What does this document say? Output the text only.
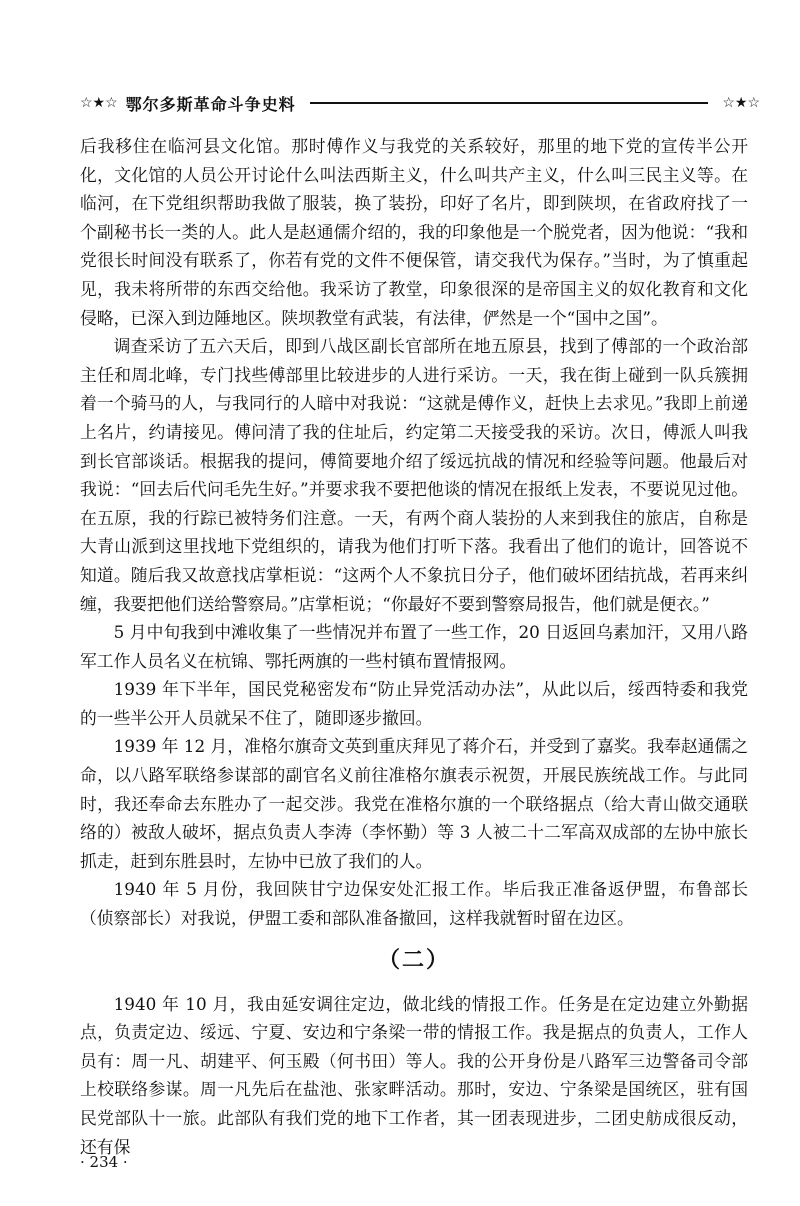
☆★☆ 鄂尔多斯革命斗争史料	☆★☆

后我移住在临河县文化馆。那时傅作义与我党的关系较好，那里的地下党的宣传半公开化，文化馆的人员公开讨论什么叫法西斯主义，什么叫共产主义，什么叫三民主义等。在临河，在下党组织帮助我做了服装，换了装扮，印好了名片，即到陕坝，在省政府找了一个副秘书长一类的人。此人是赵通儒介绍的，我的印象他是一个脱党者，因为他说：“我和党很长时间没有联系了，你若有党的文件不便保管，请交我代为保存。”当时，为了慎重起见，我未将所带的东西交给他。我采访了教堂，印象很深的是帝国主义的奴化教育和文化侵略，已深入到边陲地区。陕坝教堂有武装，有法律，俨然是一个“国中之国”。

调查采访了五六天后，即到八战区副长官部所在地五原县，找到了傅部的一个政治部主任和周北峰，专门找些傅部里比较进步的人进行采访。一天，我在街上碰到一队兵簇拥着一个骑马的人，与我同行的人暗中对我说：“这就是傅作义，赶快上去求见。”我即上前递上名片，约请接见。傅问清了我的住址后，约定第二天接受我的采访。次日，傅派人叫我到长官部谈话。根据我的提问，傅简要地介绍了绥远抗战的情况和经验等问题。他最后对我说：“回去后代问毛先生好。”并要求我不要把他谈的情况在报纸上发表，不要说见过他。在五原，我的行踪已被特务们注意。一天，有两个商人装扮的人来到我住的旅店，自称是大青山派到这里找地下党组织的，请我为他们打听下落。我看出了他们的诡计，回答说不知道。随后我又故意找店掌柜说：“这两个人不象抗日分子，他们破坏团结抗战，若再来纠缠，我要把他们送给警察局。”店掌柜说；“你最好不要到警察局报告，他们就是便衣。”

5 月中旬我到中滩收集了一些情况并布置了一些工作，20 日返回乌素加汗，又用八路军工作人员名义在杭锦、鄂托两旗的一些村镇布置情报网。

1939 年下半年，国民党秘密发布“防止异党活动办法”，从此以后，绥西特委和我党的一些半公开人员就呆不住了，随即逐步撤回。

1939 年 12 月，准格尔旗奇文英到重庆拜见了蒋介石，并受到了嘉奖。我奉赵通儒之命，以八路军联络参谋部的副官名义前往准格尔旗表示祝贺，开展民族统战工作。与此同时，我还奉命去东胜办了一起交涉。我党在准格尔旗的一个联络据点（给大青山做交通联络的）被敌人破坏，据点负责人李涛（李怀勤）等 3 人被二十二军高双成部的左协中旅长抓走，赶到东胜县时，左协中已放了我们的人。

1940 年 5 月份，我回陕甘宁边保安处汇报工作。毕后我正准备返伊盟，布鲁部长（侦察部长）对我说，伊盟工委和部队准备撤回，这样我就暂时留在边区。

（二）

1940 年 10 月，我由延安调往定边，做北线的情报工作。任务是在定边建立外勤据点，负责定边、绥远、宁夏、安边和宁条梁一带的情报工作。我是据点的负责人，工作人员有：周一凡、胡建平、何玉殿（何书田）等人。我的公开身份是八路军三边警备司令部上校联络参谋。周一凡先后在盐池、张家畔活动。那时，安边、宁条梁是国统区，驻有国民党部队十一旅。此部队有我们党的地下工作者，其一团表现进步，二团史舫成很反动，还有保

· 234 ·
